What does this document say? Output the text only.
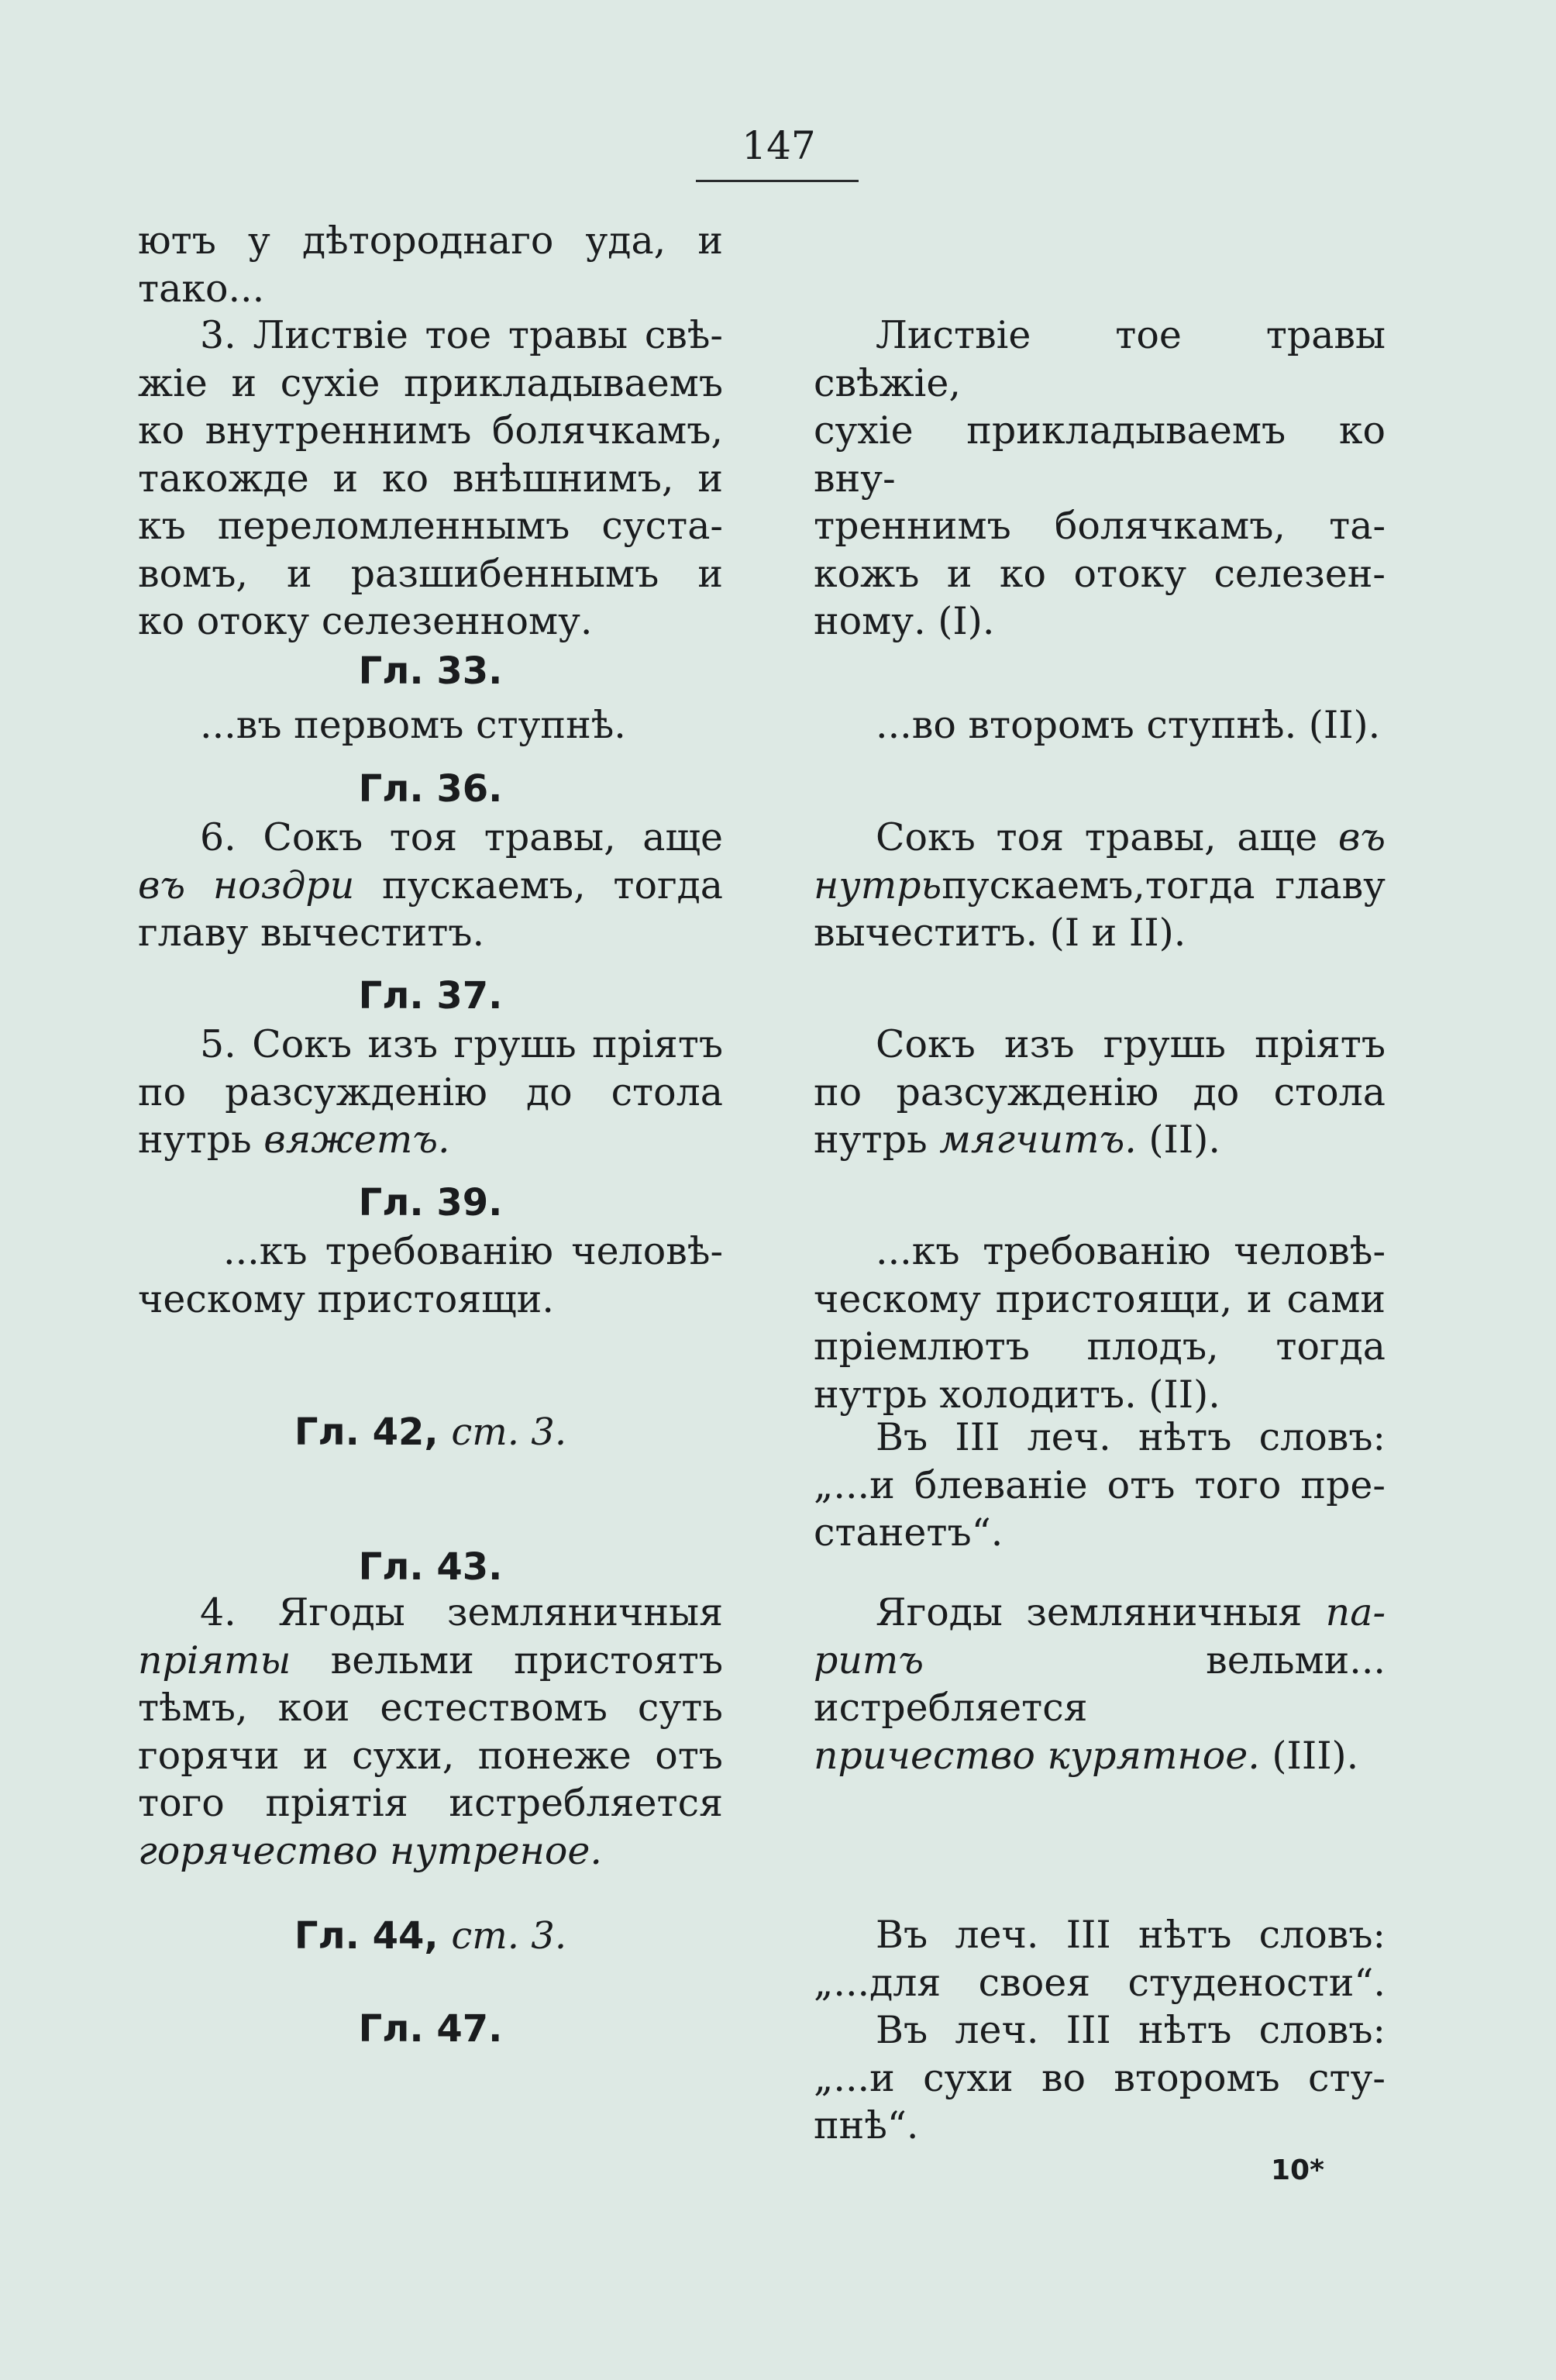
147
ютъ у дѣтороднаго уда, и
тако...
3. Листвіе тое травы свѣ-
жіе и сухіе прикладываемъ
ко внутреннимъ болячкамъ,
такожде и ко внѣшнимъ, и
къ переломленнымъ суста-
вомъ, и разшибеннымъ и
ко отоку селезенному.
Листвіе тое травы свѣжіе,
сухіе прикладываемъ ко вну-
треннимъ болячкамъ, та-
кожъ и ко отоку селезен-
ному. (I).
Гл. 33.
...въ первомъ ступнѣ.	...во второмъ ступнѣ. (II).
Гл. 36.
6. Сокъ тоя травы, аще
въ ноздри пускаемъ, тогда
главу вычеститъ.
Сокъ тоя травы, аще въ
нутрьпускаемъ,тогда главу
вычеститъ. (I и II).
Гл. 37.
5. Сокъ изъ грушь пріятъ
по разсужденію до стола
нутрь вяжетъ.
Сокъ изъ грушь пріятъ
по разсужденію до стола
нутрь мягчитъ. (II).
Гл. 39.
...къ требованію человѣ-
ческому пристоящи.
...къ требованію человѣ-
ческому пристоящи, и сами
пріемлютъ плодъ, тогда
нутрь холодитъ. (II).
Гл. 42, ст. 3.	Въ III леч. нѣтъ словъ:
„...и блеваніе отъ того пре-
станетъ“.
Гл. 43.
4. Ягоды земляничныя
пріяты вельми пристоятъ
тѣмъ, кои естествомъ суть
горячи и сухи, понеже отъ
того пріятія истребляется
горячество нутреное.
Ягоды земляничныя па-
ритъ	вельми... истребляется
причество курятное. (III).
Гл. 44, ст. 3.	Въ леч. III нѣтъ словъ:
„...для своея студености“.
Гл. 47.	Въ леч. III нѣтъ словъ:
„...и сухи во второмъ сту-
пнѣ“.
10*
